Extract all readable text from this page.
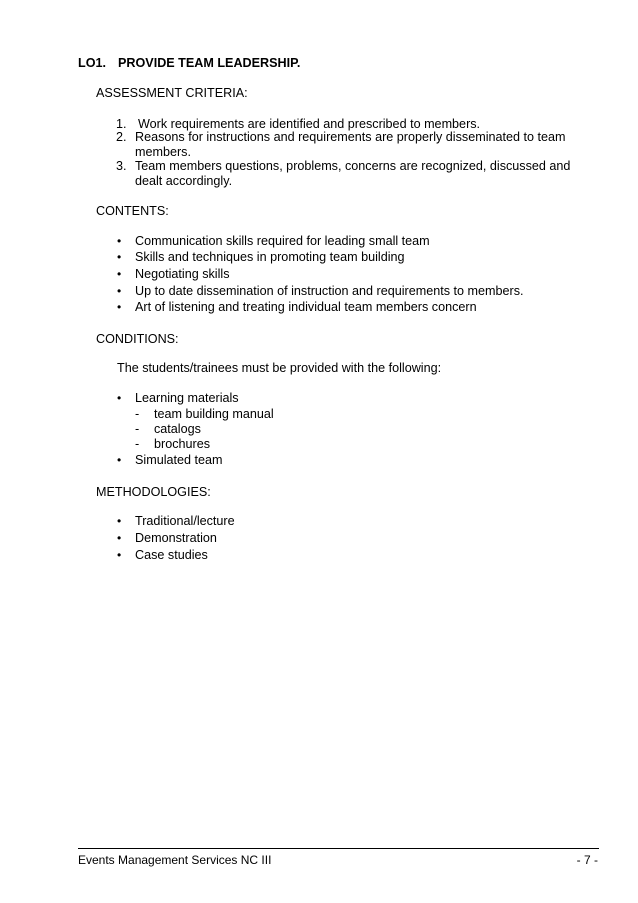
LO1. PROVIDE TEAM LEADERSHIP.
ASSESSMENT CRITERIA:
1. Work requirements are identified and prescribed to members.
2. Reasons for instructions and requirements are properly disseminated to team
members.
3. Team members questions, problems, concerns are recognized, discussed and
dealt accordingly.
CONTENTS:
• Communication skills required for leading small team
• Skills and techniques in promoting team building
• Negotiating skills
• Up to date dissemination of instruction and requirements to members.
• Art of listening and treating individual team members concern
CONDITIONS:
The students/trainees must be provided with the following:
• Learning materials
- team building manual
- catalogs
- brochures
• Simulated team
METHODOLOGIES:
• Traditional/lecture
• Demonstration
• Case studies
Events Management Services NC III	- 7 -
